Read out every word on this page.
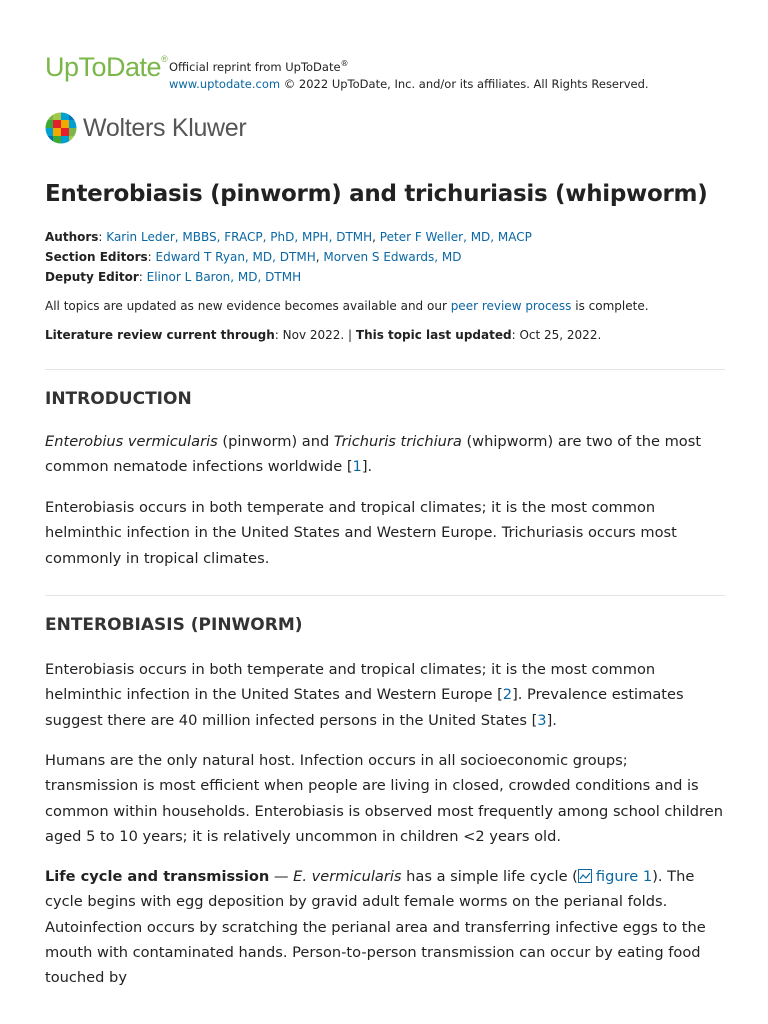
UpToDate®
Official reprint from UpToDate®
www.uptodate.com © 2022 UpToDate, Inc. and/or its affiliates. All Rights Reserved.
Wolters Kluwer
Enterobiasis (pinworm) and trichuriasis (whipworm)
Authors: Karin Leder, MBBS, FRACP, PhD, MPH, DTMH, Peter F Weller, MD, MACP
Section Editors: Edward T Ryan, MD, DTMH, Morven S Edwards, MD
Deputy Editor: Elinor L Baron, MD, DTMH
All topics are updated as new evidence becomes available and our peer review process is complete.
Literature review current through: Nov 2022. | This topic last updated: Oct 25, 2022.
INTRODUCTION

Enterobius vermicularis (pinworm) and Trichuris trichiura (whipworm) are two of the most common nematode infections worldwide [1].

Enterobiasis occurs in both temperate and tropical climates; it is the most common helminthic infection in the United States and Western Europe. Trichuriasis occurs most commonly in tropical climates.

ENTEROBIASIS (PINWORM)

Enterobiasis occurs in both temperate and tropical climates; it is the most common helminthic infection in the United States and Western Europe [2]. Prevalence estimates suggest there are 40 million infected persons in the United States [3].

Humans are the only natural host. Infection occurs in all socioeconomic groups; transmission is most efficient when people are living in closed, crowded conditions and is common within households. Enterobiasis is observed most frequently among school children aged 5 to 10 years; it is relatively uncommon in children <2 years old.

Life cycle and transmission — E. vermicularis has a simple life cycle ( figure 1). The cycle begins with egg deposition by gravid adult female worms on the perianal folds. Autoinfection occurs by scratching the perianal area and transferring infective eggs to the mouth with contaminated hands. Person-to-person transmission can occur by eating food touched by
